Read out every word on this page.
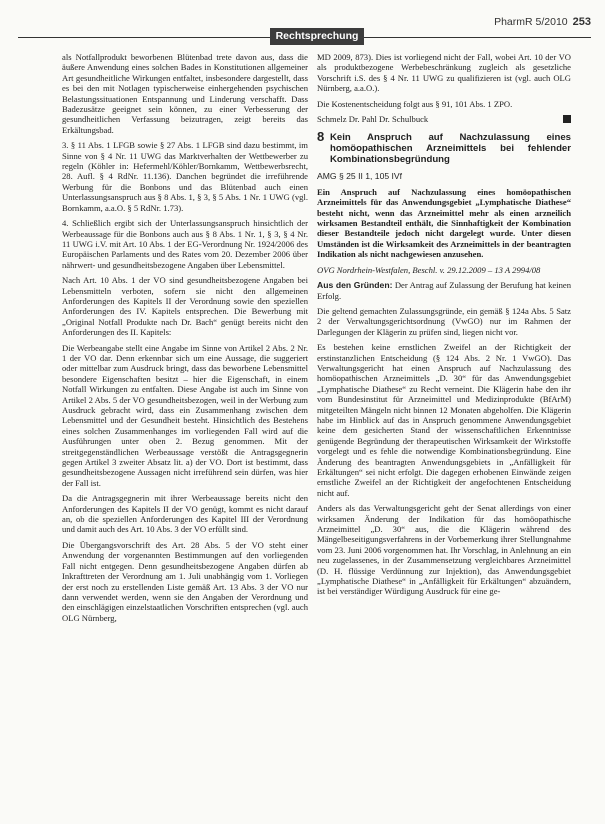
Rechtsprechung
PharmR 5/2010 253

als Notfallprodukt beworbenen Blütenbad trete davon aus, dass die äußere Anwendung eines solchen Bades in Konstitutionen allgemeiner Art gesundheitliche Wirkungen entfaltet, insbesondere dargestellt, dass es bei den mit Notlagen typischerweise einhergehenden psychischen Belastungssituationen Entspannung und Linderung verschafft. Dass Badezusätze geeignet sein können, zu einer Verbesserung der gesundheitlichen Verfassung beizutragen, zeigt bereits das Erkältungsbad.

3. § 11 Abs. 1 LFGB sowie § 27 Abs. 1 LFGB sind dazu bestimmt, im Sinne von § 4 Nr. 11 UWG das Marktverhalten der Wettbewerber zu regeln (Köhler in: Hefermehl/Köhler/Bornkamm, Wettbewerbsrecht, 28. Aufl. § 4 RdNr. 11.136). Danchen begründet die irreführende Werbung für die Bonbons und das Blütenbad auch einen Unterlassungsanspruch aus § 8 Abs. 1, § 3, § 5 Abs. 1 Nr. 1 UWG (vgl. Bornkamm, a.a.O. § 5 RdNr. 1.73).

4. Schließlich ergibt sich der Unterlassungsanspruch hinsichtlich der Werbeaussage für die Bonbons auch aus § 8 Abs. 1 Nr. 1, § 3, § 4 Nr. 11 UWG i.V. mit Art. 10 Abs. 1 der EG-Verordnung Nr. 1924/2006 des Europäischen Parlaments und des Rates vom 20. Dezember 2006 über nährwert- und gesundheitsbezogene Angaben über Lebensmittel.

Nach Art. 10 Abs. 1 der VO sind gesundheitsbezogene Angaben bei Lebensmitteln verboten, sofern sie nicht den allgemeinen Anforderungen des Kapitels II der Verordnung sowie den speziellen Anforderungen des IV. Kapitels entsprechen. Die Bewerbung mit „Original Notfall Produkte nach Dr. Bach“ genügt bereits nicht den Anforderungen des II. Kapitels:

Die Werbeangabe stellt eine Angabe im Sinne von Artikel 2 Abs. 2 Nr. 1 der VO dar. Denn erkennbar sich um eine Aussage, die suggeriert oder mittelbar zum Ausdruck bringt, dass das beworbene Lebensmittel besondere Eigenschaften besitzt – hier die Eigenschaft, in einem Notfall Wirkungen zu entfalten. Diese Angabe ist auch im Sinne von Artikel 2 Abs. 5 der VO gesundheitsbezogen, weil in der Werbung zum Ausdruck gebracht wird, dass ein Zusammenhang zwischen dem Lebensmittel und der Gesundheit besteht. Hinsichtlich des Bestehens eines solchen Zusammenhanges im vorliegenden Fall wird auf die Ausführungen unter oben 2. Bezug genommen. Mit der streitgegenständlichen Werbeaussage verstößt die Antragsgegnerin gegen Artikel 3 zweiter Absatz lit. a) der VO. Dort ist bestimmt, dass gesundheitsbezogene Aussagen nicht irreführend sein dürfen, was hier der Fall ist.

Da die Antragsgegnerin mit ihrer Werbeaussage bereits nicht den Anforderungen des Kapitels II der VO genügt, kommt es nicht darauf an, ob die speziellen Anforderungen des Kapitel III der Verordnung und damit auch des Art. 10 Abs. 3 der VO erfüllt sind.

Die Übergangsvorschrift des Art. 28 Abs. 5 der VO steht einer Anwendung der vorgenannten Bestimmungen auf den vorliegenden Fall nicht entgegen. Denn gesundheitsbezogene Angaben dürfen ab Inkrafttreten der Verordnung am 1. Juli unabhängig vom 1. Vorliegen der erst noch zu erstellenden Liste gemäß Art. 13 Abs. 3 der VO nur dann verwendet werden, wenn sie den Angaben der Verordnung und den einschlägigen einzelstaatlichen Vorschriften entsprechen (vgl. auch OLG Nürnberg,

MD 2009, 873). Dies ist vorliegend nicht der Fall, wobei Art. 10 der VO als produktbezogene Werbebeschränkung zugleich als gesetzliche Vorschrift i.S. des § 4 Nr. 11 UWG zu qualifizieren ist (vgl. auch OLG Nürnberg, a.a.O.).

Die Kostenentscheidung folgt aus § 91, 101 Abs. 1 ZPO.

Schmelz Dr. Pahl Dr. Schulbuck

8 Kein Anspruch auf Nachzulassung eines homöopathischen Arzneimittels bei fehlender Kombinationsbegründung
AMG § 25 II 1, 105 IVf

Ein Anspruch auf Nachzulassung eines homöopathischen Arzneimittels für das Anwendungsgebiet „Lymphatische Diathese“ besteht nicht, wenn das Arzneimittel mehr als einen arzneilich wirksamen Bestandteil enthält, die Sinnhaftigkeit der Kombination dieser Bestandteile jedoch nicht dargelegt wurde. Unter diesen Umständen ist die Wirksamkeit des Arzneimittels in der beantragten Indikation als nicht nachgewiesen anzusehen.

OVG Nordrhein-Westfalen, Beschl. v. 29.12.2009 – 13 A 2994/08

Aus den Gründen: Der Antrag auf Zulassung der Berufung hat keinen Erfolg.

Die geltend gemachten Zulassungsgründe, ein gemäß § 124a Abs. 5 Satz 2 der Verwaltungsgerichtsordnung (VwGO) nur im Rahmen der Darlegungen der Klägerin zu prüfen sind, liegen nicht vor.

Es bestehen keine ernstlichen Zweifel an der Richtigkeit der erstinstanzlichen Entscheidung (§ 124 Abs. 2 Nr. 1 VwGO). Das Verwaltungsgericht hat einen Anspruch auf Nachzulassung des homöopathischen Arzneimittels „D. 30“ für das Anwendungsgebiet „Lymphatische Diathese“ zu Recht verneint. Die Klägerin habe den ihr vom Bundesinstitut für Arzneimittel und Medizinprodukte (BfArM) mitgeteilten Mängeln nicht binnen 12 Monaten abgeholfen. Die Klägerin habe im Hinblick auf das in Anspruch genommene Anwendungsgebiet keine dem gesicherten Stand der wissenschaftlichen Erkenntnisse genügende Begründung der therapeutischen Wirksamkeit der Wirkstoffe vorgelegt und es fehle die notwendige Kombinationsbegründung. Eine Änderung des beantragten Anwendungsgebiets in „Anfälligkeit für Erkältungen“ sei nicht erfolgt. Die dagegen erhobenen Einwände zeigen ernstliche Zweifel an der Richtigkeit der angefochtenen Entscheidung nicht auf.

Anders als das Verwaltungsgericht geht der Senat allerdings von einer wirksamen Änderung der Indikation für das homöopathische Arzneimittel „D. 30“ aus, die die Klägerin während des Mängelbeseitigungsverfahrens in der Vorbemerkung ihrer Stellungnahme vom 23. Juni 2006 vorgenommen hat. Ihr Vorschlag, in Anlehnung an ein neu zugelassenes, in der Zusammensetzung vergleichbares Arzneimittel (D. H. flüssige Verdünnung zur Injektion), das Anwendungsgebiet „Lymphatische Diathese“ in „Anfälligkeit für Erkältungen“ abzuändern, ist bei verständiger Würdigung Ausdruck für eine ge-
